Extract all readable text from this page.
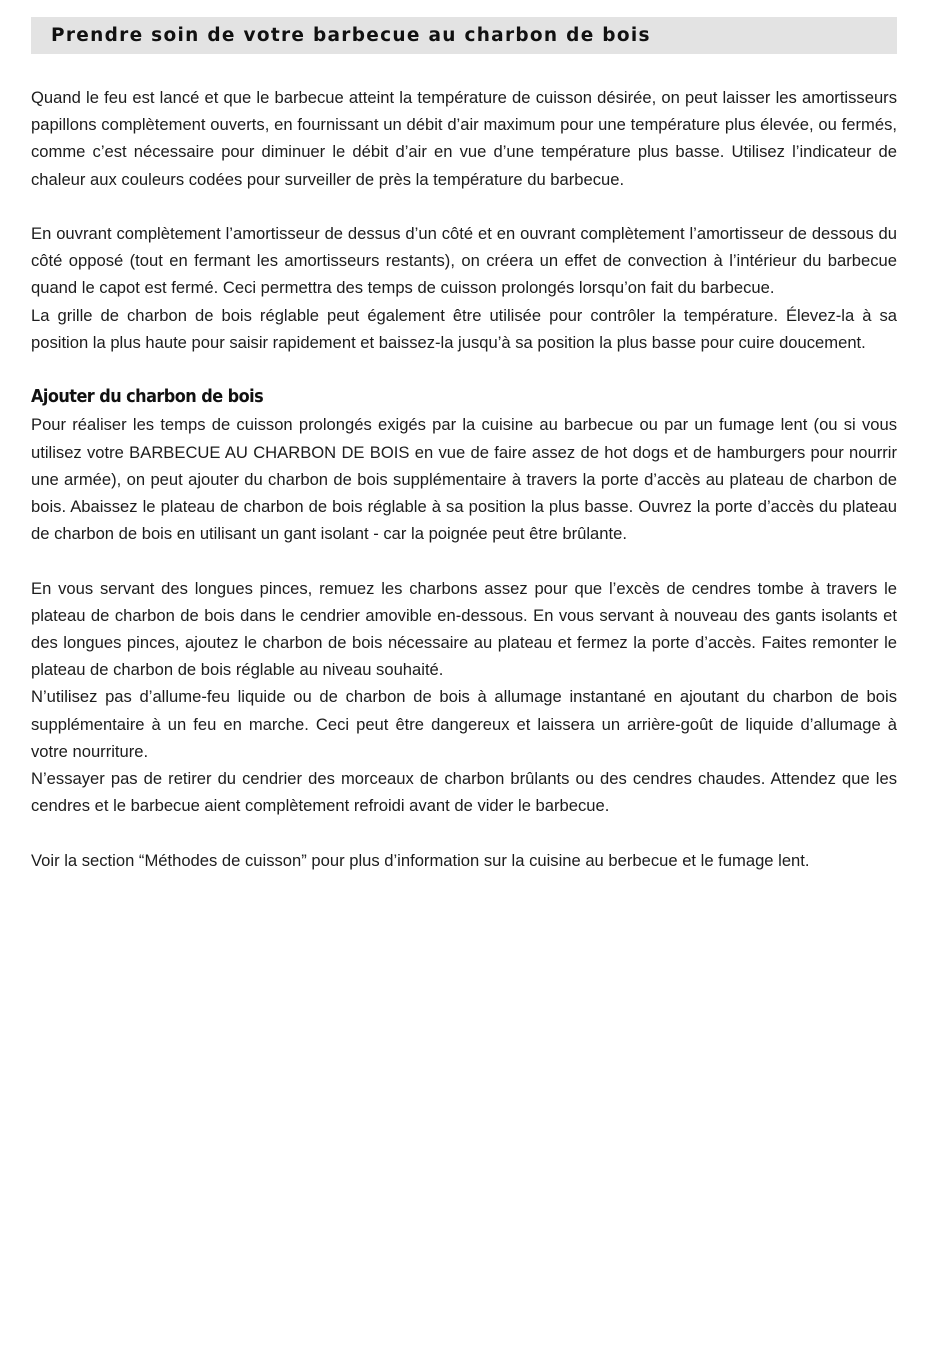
Prendre soin de votre barbecue au charbon de bois

Quand le feu est lancé et que le barbecue atteint la température de cuisson désirée, on peut laisser les amortisseurs papillons complètement ouverts, en fournissant un débit d’air maximum pour une température plus élevée, ou fermés, comme c’est nécessaire pour diminuer le débit d’air en vue d’une température plus basse. Utilisez l’indicateur de chaleur aux couleurs codées pour surveiller de près la température du barbecue.

En ouvrant complètement l’amortisseur de dessus d’un côté et en ouvrant complètement l’amortisseur de dessous du côté opposé (tout en fermant les amortisseurs restants), on créera un effet de convection à l’intérieur du barbecue quand le capot est fermé. Ceci permettra des temps de cuisson prolongés lorsqu’on fait du barbecue.

La grille de charbon de bois réglable peut également être utilisée pour contrôler la température. Élevez-la à sa position la plus haute pour saisir rapidement et baissez-la jusqu’à sa position la plus basse pour cuire doucement.

Ajouter du charbon de bois

Pour réaliser les temps de cuisson prolongés exigés par la cuisine au barbecue ou par un fumage lent (ou si vous utilisez votre BARBECUE AU CHARBON DE BOIS en vue de faire assez de hot dogs et de hamburgers pour nourrir une armée), on peut ajouter du charbon de bois supplémentaire à travers la porte d’accès au plateau de charbon de bois. Abaissez le plateau de charbon de bois réglable à sa position la plus basse. Ouvrez la porte d’accès du plateau de charbon de bois en utilisant un gant isolant - car la poignée peut être brûlante.

En vous servant des longues pinces, remuez les charbons assez pour que l’excès de cendres tombe à travers le plateau de charbon de bois dans le cendrier amovible en-dessous. En vous servant à nouveau des gants isolants et des longues pinces, ajoutez le charbon de bois nécessaire au plateau et fermez la porte d’accès. Faites remonter le plateau de charbon de bois réglable au niveau souhaité.

N’utilisez pas d’allume-feu liquide ou de charbon de bois à allumage instantané en ajoutant du charbon de bois supplémentaire à un feu en marche. Ceci peut être dangereux et laissera un arrière-goût de liquide d’allumage à votre nourriture.

N’essayer pas de retirer du cendrier des morceaux de charbon brûlants ou des cendres chaudes. Attendez que les cendres et le barbecue aient complètement refroidi avant de vider le barbecue.

Voir la section “Méthodes de cuisson” pour plus d’information sur la cuisine au berbecue et le fumage lent.
